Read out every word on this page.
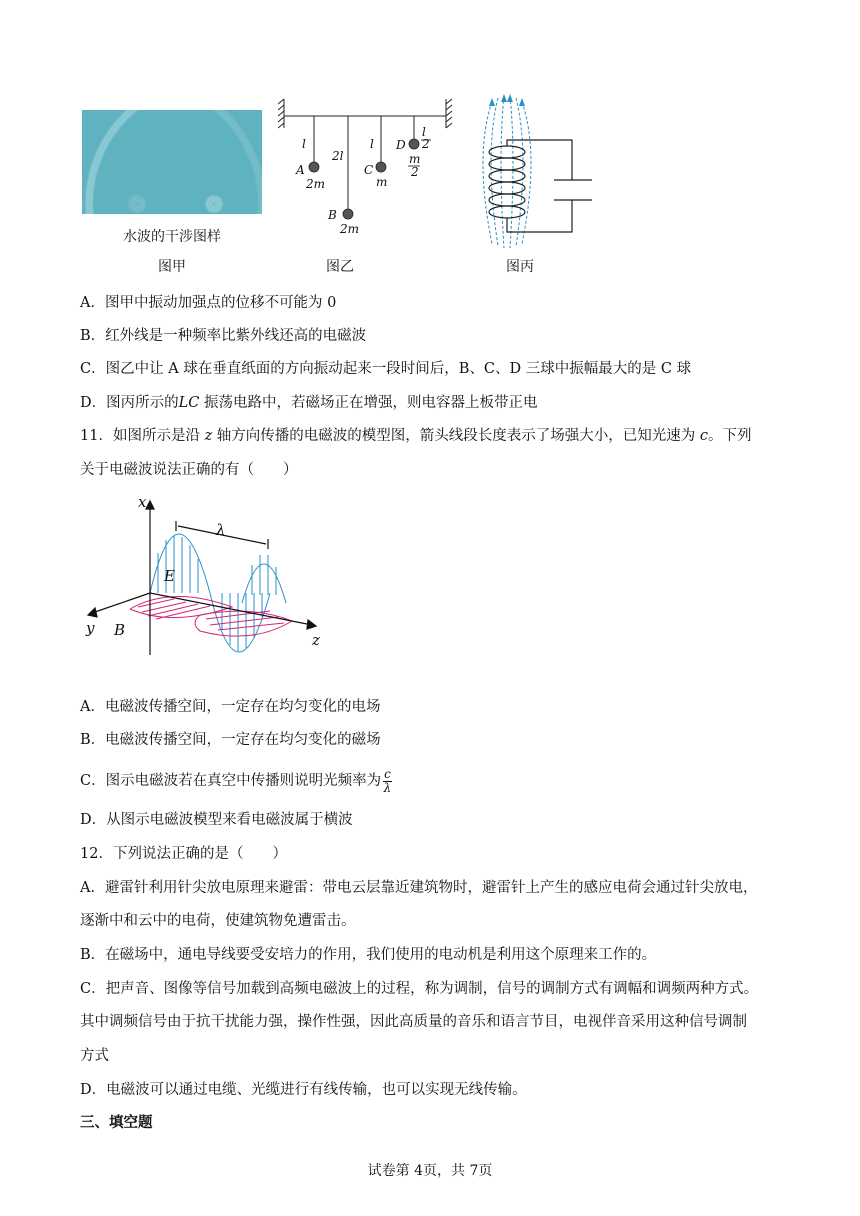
水波的干涉图样
图甲
l
2l
l
l
2
A
2m
B
2m
C
m
D
m
2
图乙	图丙
A．图甲中振动加强点的位移不可能为 0
B．红外线是一种频率比紫外线还高的电磁波
C．图乙中让 A 球在垂直纸面的方向振动起来一段时间后，B、C、D 三球中振幅最大的是 C 球
D．图丙所示的LC 振荡电路中，若磁场正在增强，则电容器上板带正电
11．如图所示是沿 z 轴方向传播的电磁波的模型图，箭头线段长度表示了场强大小，已知光速为 c。下列
关于电磁波说法正确的有（　　）
x
y
z
λ
E
B
A．电磁波传播空间，一定存在均匀变化的电场
B．电磁波传播空间，一定存在均匀变化的磁场
C．图示电磁波若在真空中传播则说明光频率为 $\frac{c}{\lambda}$
D．从图示电磁波模型来看电磁波属于横波
12．下列说法正确的是（　　）
A．避雷针利用针尖放电原理来避雷：带电云层靠近建筑物时，避雷针上产生的感应电荷会通过针尖放电，
逐渐中和云中的电荷，使建筑物免遭雷击。
B．在磁场中，通电导线要受安培力的作用，我们使用的电动机是利用这个原理来工作的。
C．把声音、图像等信号加载到高频电磁波上的过程，称为调制，信号的调制方式有调幅和调频两种方式。
其中调频信号由于抗干扰能力强，操作性强，因此高质量的音乐和语言节目，电视伴音采用这种信号调制
方式
D．电磁波可以通过电缆、光缆进行有线传输，也可以实现无线传输。
三、填空题
试卷第 4页，共 7页
